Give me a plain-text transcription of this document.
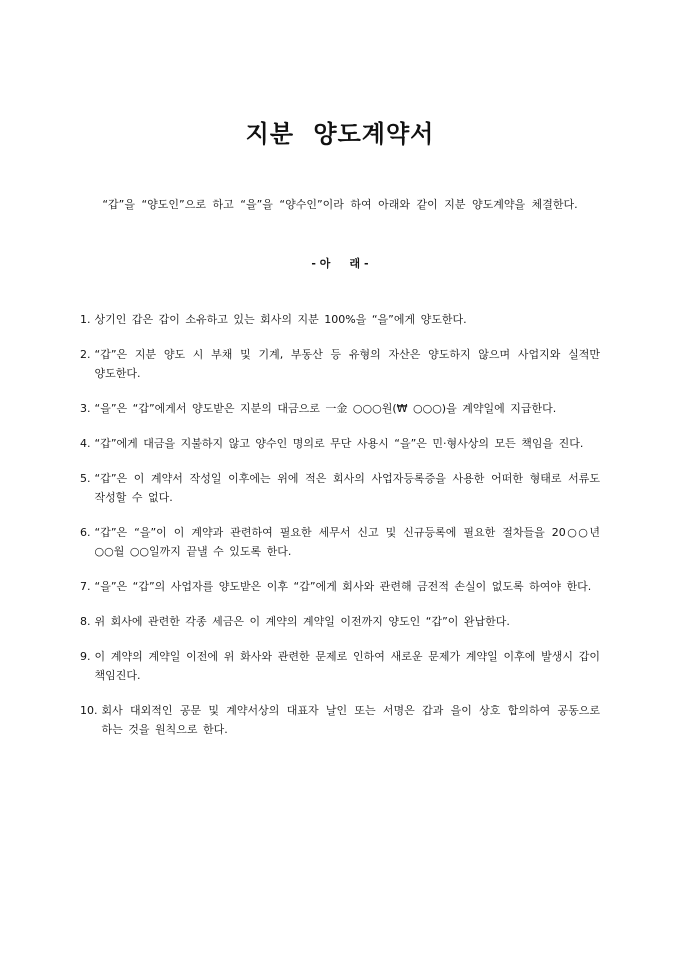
지분 양도계약서
“갑”을 “양도인”으로 하고 “을”을 “양수인”이라 하여 아래와 같이 지분 양도계약을 체결한다.
- 아     래 -
1. 상기인 갑은 갑이 소유하고 있는 회사의 지분 100%을 “을”에게 양도한다.
2. “갑”은 지분 양도 시 부채 및 기계, 부동산 등 유형의 자산은 양도하지 않으며 사업지와 실적만 양도한다.
3. “을”은 “갑”에게서 양도받은 지분의 대금으로 一金 ○○○원(₩ ○○○)을 계약일에 지급한다.
4. “갑”에게 대금을 지불하지 않고 양수인 명의로 무단 사용시 “을”은 민·형사상의 모든 책임을 진다.
5. “갑”은 이 계약서 작성일 이후에는 위에 적은 회사의 사업자등록증을 사용한 어떠한 형태로 서류도 작성할 수 없다.
6. “갑”은 “을”이 이 계약과 관련하여 필요한 세무서 신고 및 신규등록에 필요한 절차들을 20○○년 ○○월 ○○일까지 끝낼 수 있도록 한다.
7. “을”은 “갑”의 사업자를 양도받은 이후 “갑”에게 회사와 관련해 금전적 손실이 없도록 하여야 한다.
8. 위 회사에 관련한 각종 세금은 이 계약의 계약일 이전까지 양도인 “갑”이 완납한다.
9. 이 계약의 계약일 이전에 위 화사와 관련한 문제로 인하여 새로운 문제가 계약일 이후에 발생시 갑이 책임진다.
10. 회사 대외적인 공문 및 계약서상의 대표자 날인 또는 서명은 갑과 을이 상호 합의하여 공동으로 하는 것을 원칙으로 한다.
